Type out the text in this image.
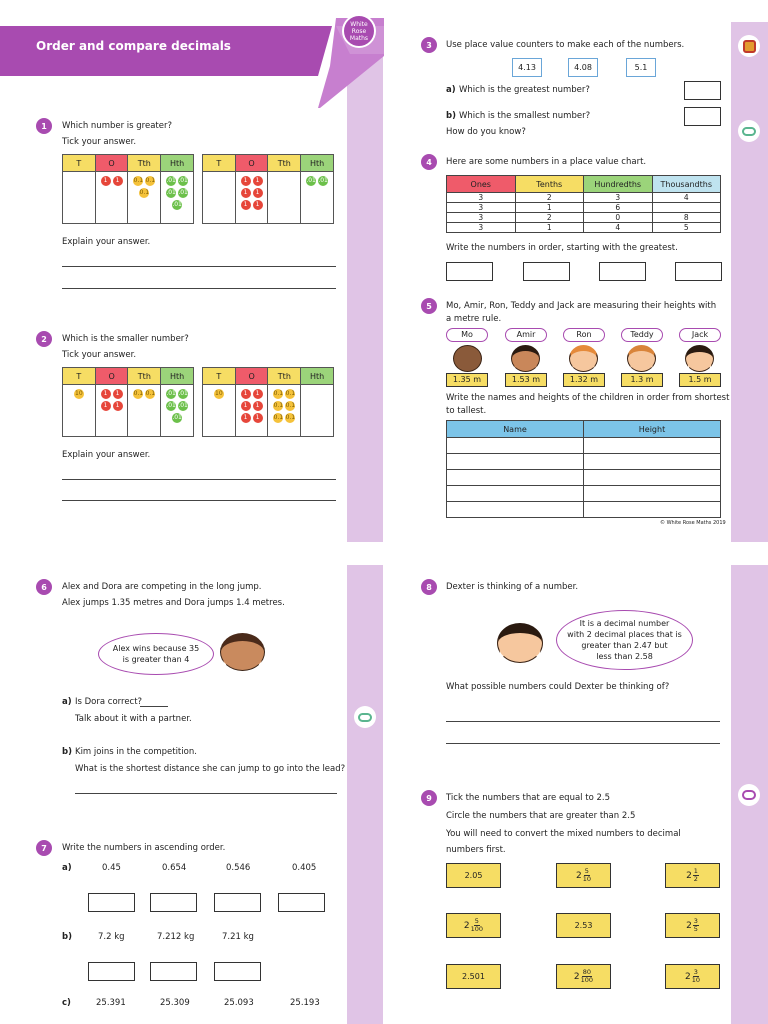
Order and compare decimals
White
Rose
Maths
1	Which number is greater?
Tick your answer.
T	O	Tth	Hth
	1 1	0.1 0.10.1	.01 .01.01 .01.01
T	O	Tth	Hth
	1 11 11 1		.01 .01
Explain your answer.
2	Which is the smaller number?
Tick your answer.
T	O	Tth	Hth
10	1 11 1	0.1 0.1	.01 .01.01 .01.01
T	O	Tth	Hth
10	1 11 11 1	0.1 0.10.1 0.10.1 0.1	
Explain your answer.
3	Use place value counters to make each of the numbers.
4.13	4.08	5.1
a) Which is the greatest number?
b) Which is the smallest number?
How do you know?
4	Here are some numbers in a place value chart.
Ones	Tenths	Hundredths	Thousandths
3	2	3	4
3	1	6	
3	2	0	8
3	1	4	5
Write the numbers in order, starting with the greatest.
5	Mo, Amir, Ron, Teddy and Jack are measuring their heights with
a metre rule.
Mo	Amir	Ron	Teddy	Jack
1.35 m	1.53 m	1.32 m	1.3 m	1.5 m
Write the names and heights of the children in order from shortest
to tallest.
Name	Height

© White Rose Maths 2019
6	Alex and Dora are competing in the long jump.
Alex jumps 1.35 metres and Dora jumps 1.4 metres.
Alex wins because 35
is greater than 4
a) Is Dora correct?
Talk about it with a partner.
b) Kim joins in the competition.
What is the shortest distance she can jump to go into the lead?
7	Write the numbers in ascending order.
a)	0.45	0.654	0.546	0.405
b)	7.2 kg	7.212 kg	7.21 kg
c)	25.391	25.309	25.093	25.193
8	Dexter is thinking of a number.
It is a decimal number
with 2 decimal places that is
greater than 2.47 but
less than 2.58
What possible numbers could Dexter be thinking of?
9	Tick the numbers that are equal to 2.5
Circle the numbers that are greater than 2.5
You will need to convert the mixed numbers to decimal
numbers first.
2.05	$2 \frac{5}{10}$	$2 \frac{1}{2}$
$2 \frac{5}{100}$	2.53	$2 \frac{3}{5}$
2.501	$2 \frac{80}{100}$	$2 \frac{3}{10}$
